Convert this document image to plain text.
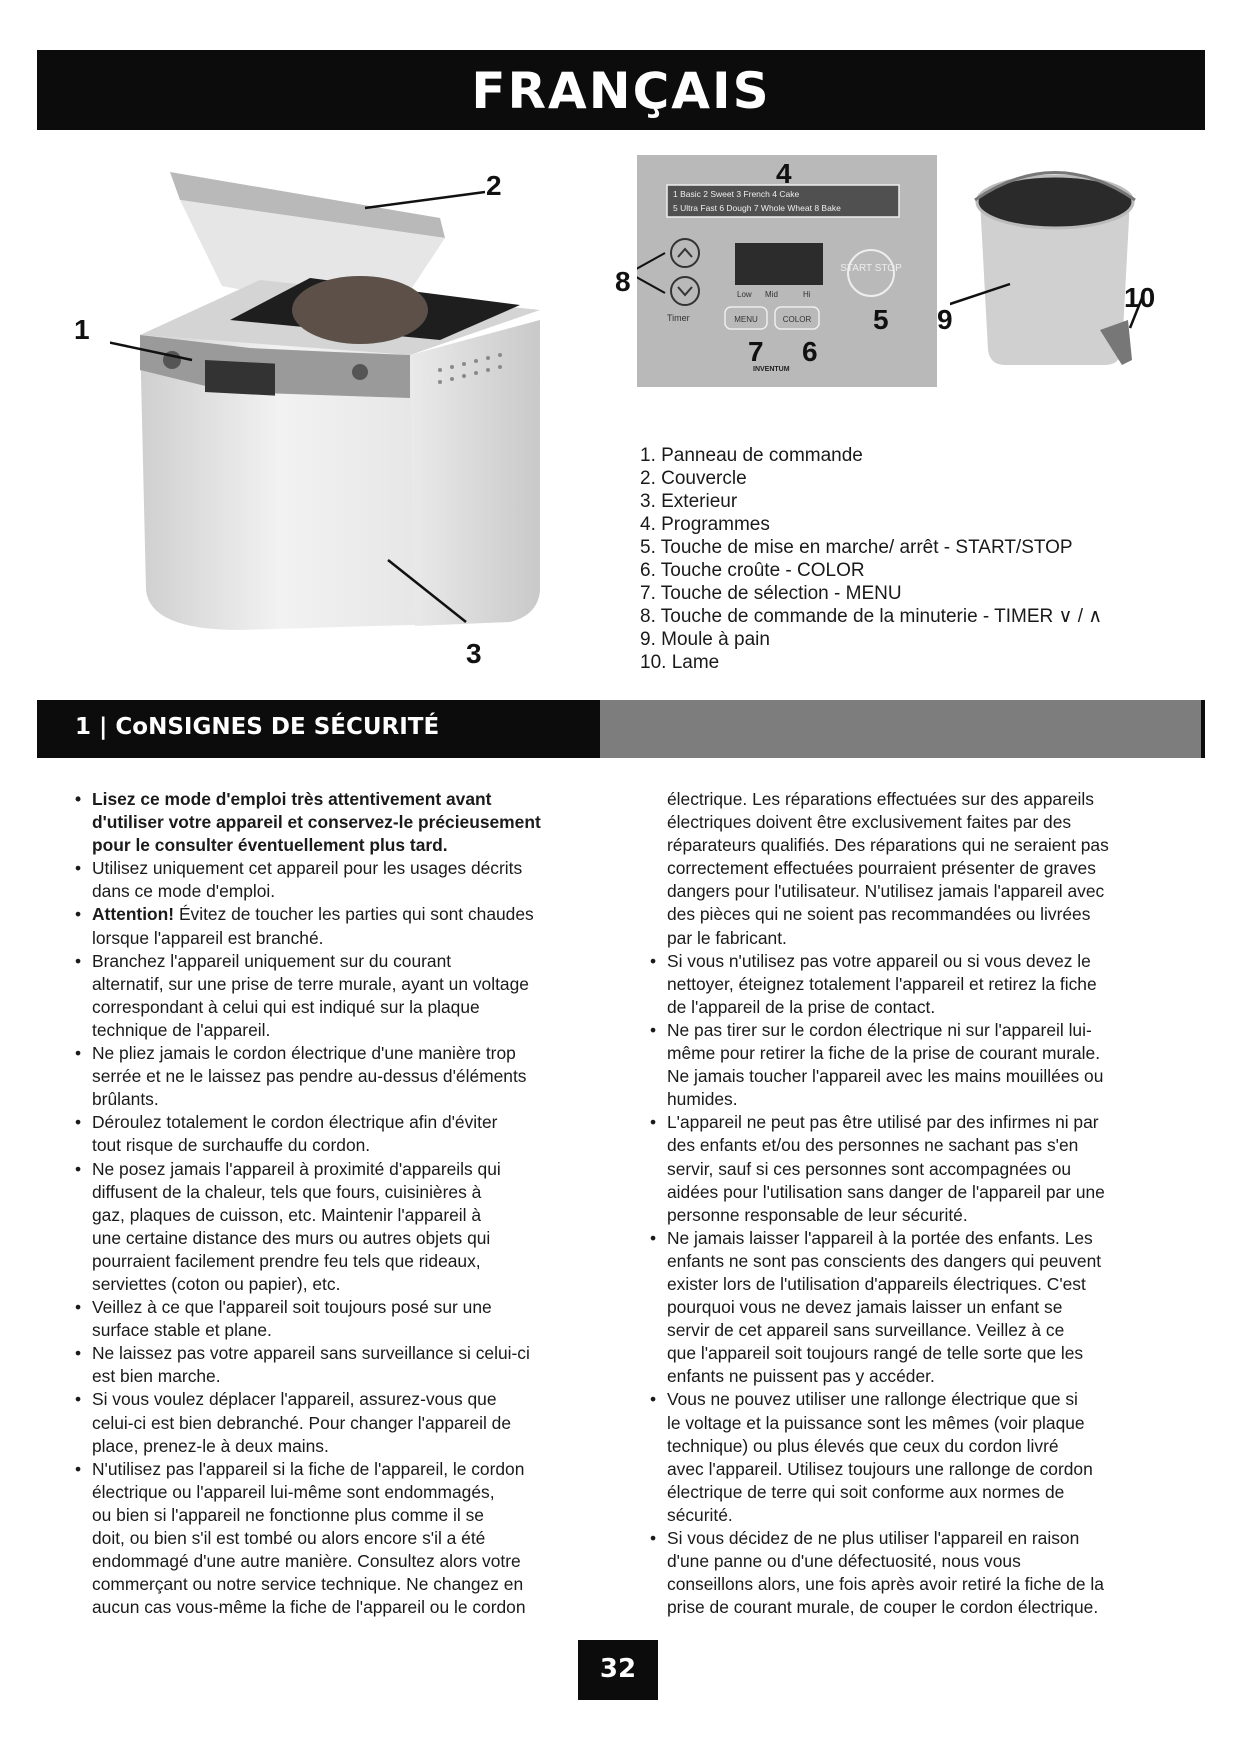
FRANÇAIS
1
2
3
1 Basic 2 Sweet 3 French 4 Cake
5 Ultra Fast 6 Dough 7 Whole Wheat 8 Bake
START STOP
Low Mid	Hi
Timer	MENU	COLOR
INVENTUM
4
5
6
7
8
9
10
1. Panneau de commande
2. Couvercle
3. Exterieur
4. Programmes
5. Touche de mise en marche/ arrêt - START/STOP
6. Touche croûte - COLOR
7. Touche de sélection - MENU
8. Touche de commande de la minuterie - TIMER ∨ / ∧
9. Moule à pain
10. Lame
1 | CoNSIGNES DE SÉCURITÉ
• Lisez ce mode d'emploi très attentivement avant
d'utiliser votre appareil et conservez-le précieusement
pour le consulter éventuellement plus tard.
• Utilisez uniquement cet appareil pour les usages décrits
dans ce mode d'emploi.
• Attention! Évitez de toucher les parties qui sont chaudes
lorsque l'appareil est branché.
• Branchez l'appareil uniquement sur du courant
alternatif, sur une prise de terre murale, ayant un voltage
correspondant à celui qui est indiqué sur la plaque
technique de l'appareil.
• Ne pliez jamais le cordon électrique d'une manière trop
serrée et ne le laissez pas pendre au-dessus d'éléments
brûlants.
• Déroulez totalement le cordon électrique afin d'éviter
tout risque de surchauffe du cordon.
• Ne posez jamais l'appareil à proximité d'appareils qui
diffusent de la chaleur, tels que fours, cuisinières à
gaz, plaques de cuisson, etc. Maintenir l'appareil à
une certaine distance des murs ou autres objets qui
pourraient facilement prendre feu tels que rideaux,
serviettes (coton ou papier), etc.
• Veillez à ce que l'appareil soit toujours posé sur une
surface stable et plane.
• Ne laissez pas votre appareil sans surveillance si celui-ci
est bien marche.
• Si vous voulez déplacer l'appareil, assurez-vous que
celui-ci est bien debranché. Pour changer l'appareil de
place, prenez-le à deux mains.
• N'utilisez pas l'appareil si la fiche de l'appareil, le cordon
électrique ou l'appareil lui-même sont endommagés,
ou bien si l'appareil ne fonctionne plus comme il se
doit, ou bien s'il est tombé ou alors encore s'il a été
endommagé d'une autre manière. Consultez alors votre
commerçant ou notre service technique. Ne changez en
aucun cas vous-même la fiche de l'appareil ou le cordon
électrique. Les réparations effectuées sur des appareils
électriques doivent être exclusivement faites par des
réparateurs qualifiés. Des réparations qui ne seraient pas
correctement effectuées pourraient présenter de graves
dangers pour l'utilisateur. N'utilisez jamais l'appareil avec
des pièces qui ne soient pas recommandées ou livrées
par le fabricant.
• Si vous n'utilisez pas votre appareil ou si vous devez le
nettoyer, éteignez totalement l'appareil et retirez la fiche
de l'appareil de la prise de contact.
• Ne pas tirer sur le cordon électrique ni sur l'appareil lui-
même pour retirer la fiche de la prise de courant murale.
Ne jamais toucher l'appareil avec les mains mouillées ou
humides.
• L'appareil ne peut pas être utilisé par des infirmes ni par
des enfants et/ou des personnes ne sachant pas s'en
servir, sauf si ces personnes sont accompagnées ou
aidées pour l'utilisation sans danger de l'appareil par une
personne responsable de leur sécurité.
• Ne jamais laisser l'appareil à la portée des enfants. Les
enfants ne sont pas conscients des dangers qui peuvent
exister lors de l'utilisation d'appareils électriques. C'est
pourquoi vous ne devez jamais laisser un enfant se
servir de cet appareil sans surveillance. Veillez à ce
que l'appareil soit toujours rangé de telle sorte que les
enfants ne puissent pas y accéder.
• Vous ne pouvez utiliser une rallonge électrique que si
le voltage et la puissance sont les mêmes (voir plaque
technique) ou plus élevés que ceux du cordon livré
avec l'appareil. Utilisez toujours une rallonge de cordon
électrique de terre qui soit conforme aux normes de
sécurité.
• Si vous décidez de ne plus utiliser l'appareil en raison
d'une panne ou d'une défectuosité, nous vous
conseillons alors, une fois après avoir retiré la fiche de la
prise de courant murale, de couper le cordon électrique.
32
